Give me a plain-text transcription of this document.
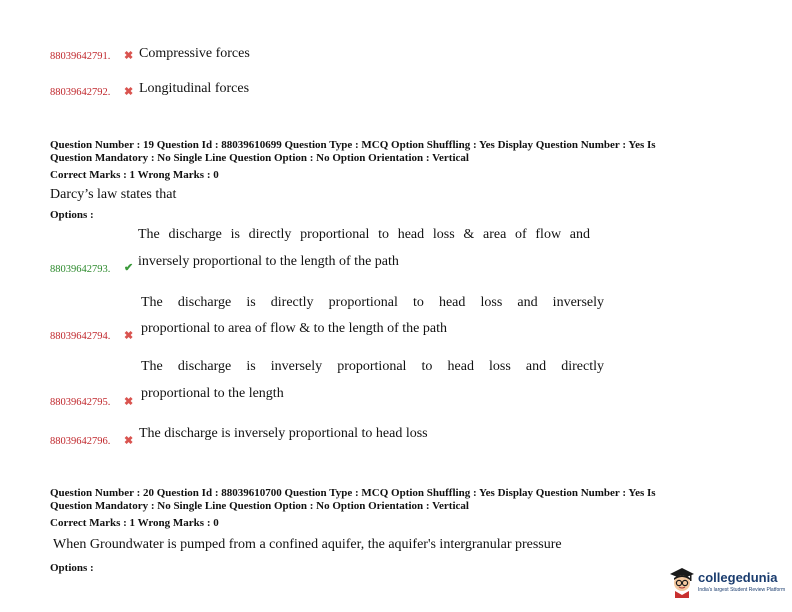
88039642791. ✖ Compressive forces
88039642792. ✖ Longitudinal forces
Question Number : 19 Question Id : 88039610699 Question Type : MCQ Option Shuffling : Yes Display Question Number : Yes Is
Question Mandatory : No Single Line Question Option : No Option Orientation : Vertical
Correct Marks : 1 Wrong Marks : 0
Darcy’s law states that
Options :
The discharge is directly proportional to head loss & area of flow and
88039642793. ✔ inversely proportional to the length of the path
The discharge is directly proportional to head loss and inversely
88039642794. ✖ proportional to area of flow & to the length of the path
The discharge is inversely proportional to head loss and directly
88039642795. ✖
proportional to the length
88039642796. ✖ The discharge is inversely proportional to head loss
Question Number : 20 Question Id : 88039610700 Question Type : MCQ Option Shuffling : Yes Display Question Number : Yes Is
Question Mandatory : No Single Line Question Option : No Option Orientation : Vertical
Correct Marks : 1 Wrong Marks : 0
When Groundwater is pumped from a confined aquifer, the aquifer's intergranular pressure
Options :
collegedunia
India's largest Student Review Platform
